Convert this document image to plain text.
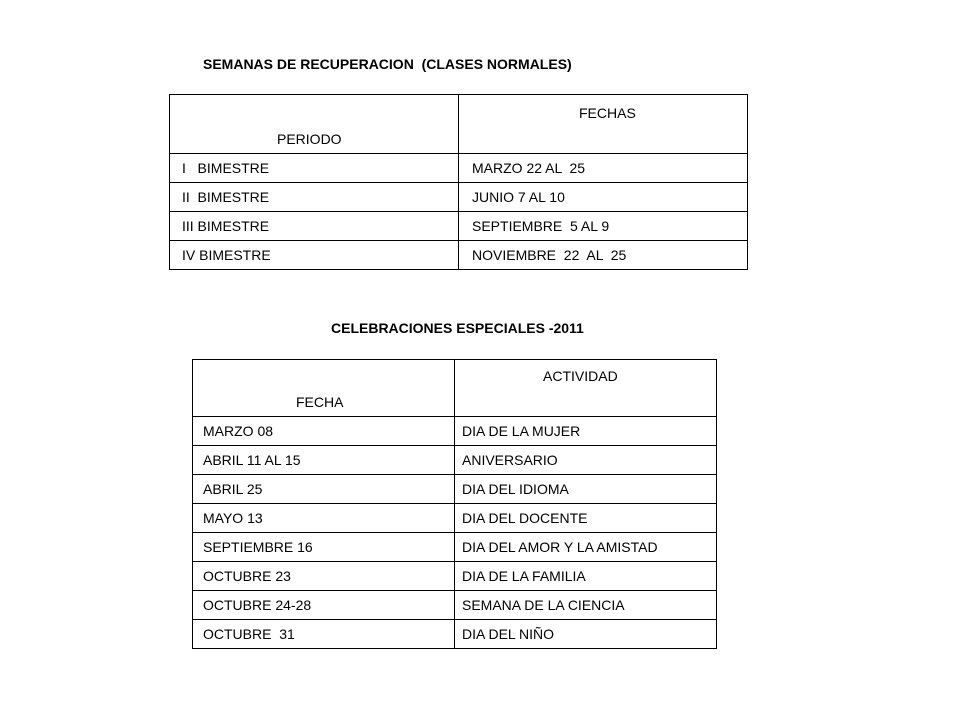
SEMANAS DE RECUPERACION  (CLASES NORMALES)
PERIODO	FECHAS
I   BIMESTRE	MARZO 22 AL  25
II  BIMESTRE	JUNIO 7 AL 10
III BIMESTRE	SEPTIEMBRE  5 AL 9
IV BIMESTRE	NOVIEMBRE  22  AL  25
CELEBRACIONES ESPECIALES -2011
FECHA	ACTIVIDAD
MARZO 08	DIA DE LA MUJER
ABRIL 11 AL 15	ANIVERSARIO
ABRIL 25	DIA DEL IDIOMA
MAYO 13	DIA DEL DOCENTE
SEPTIEMBRE 16	DIA DEL AMOR Y LA AMISTAD
OCTUBRE 23	DIA DE LA FAMILIA
OCTUBRE 24-28	SEMANA DE LA CIENCIA
OCTUBRE  31	DIA DEL NIÑO
